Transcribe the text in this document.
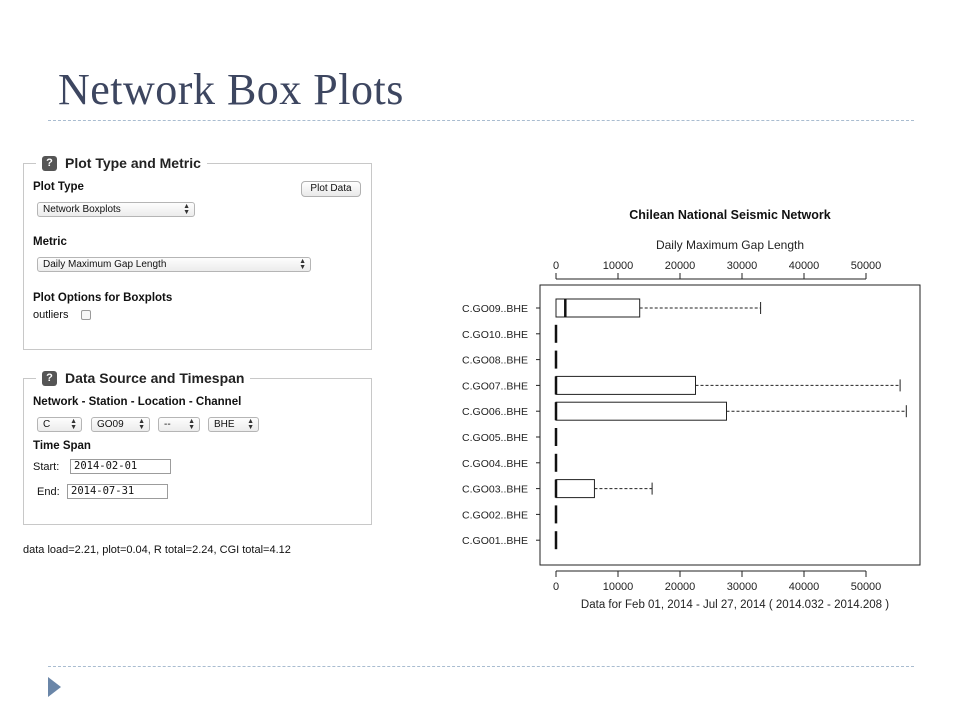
Network Box Plots
? Plot Type and Metric
Plot Type	Plot Data
Network Boxplots	▲
▼
Metric
Daily Maximum Gap Length	▲
▼
Plot Options for Boxplots
outliers
? Data Source and Timespan
Network - Station - Location - Channel
C	▲
▼	GO09 ▲
▼	-- ▲
▼	BHE ▲
▼
Time Span
Start:	2014-02-01
End:	2014-07-31
data load=2.21, plot=0.04, R total=2.24, CGI total=4.12
Chilean National Seismic Network
Daily Maximum Gap Length
0	10000	20000	30000	40000	50000
0	10000	20000	30000	40000	50000
C.GO09..BHE
C.GO10..BHE
C.GO08..BHE
C.GO07..BHE
C.GO06..BHE
C.GO05..BHE
C.GO04..BHE
C.GO03..BHE
C.GO02..BHE
C.GO01..BHE
Data for Feb 01, 2014 - Jul 27, 2014 ( 2014.032 - 2014.208 )
